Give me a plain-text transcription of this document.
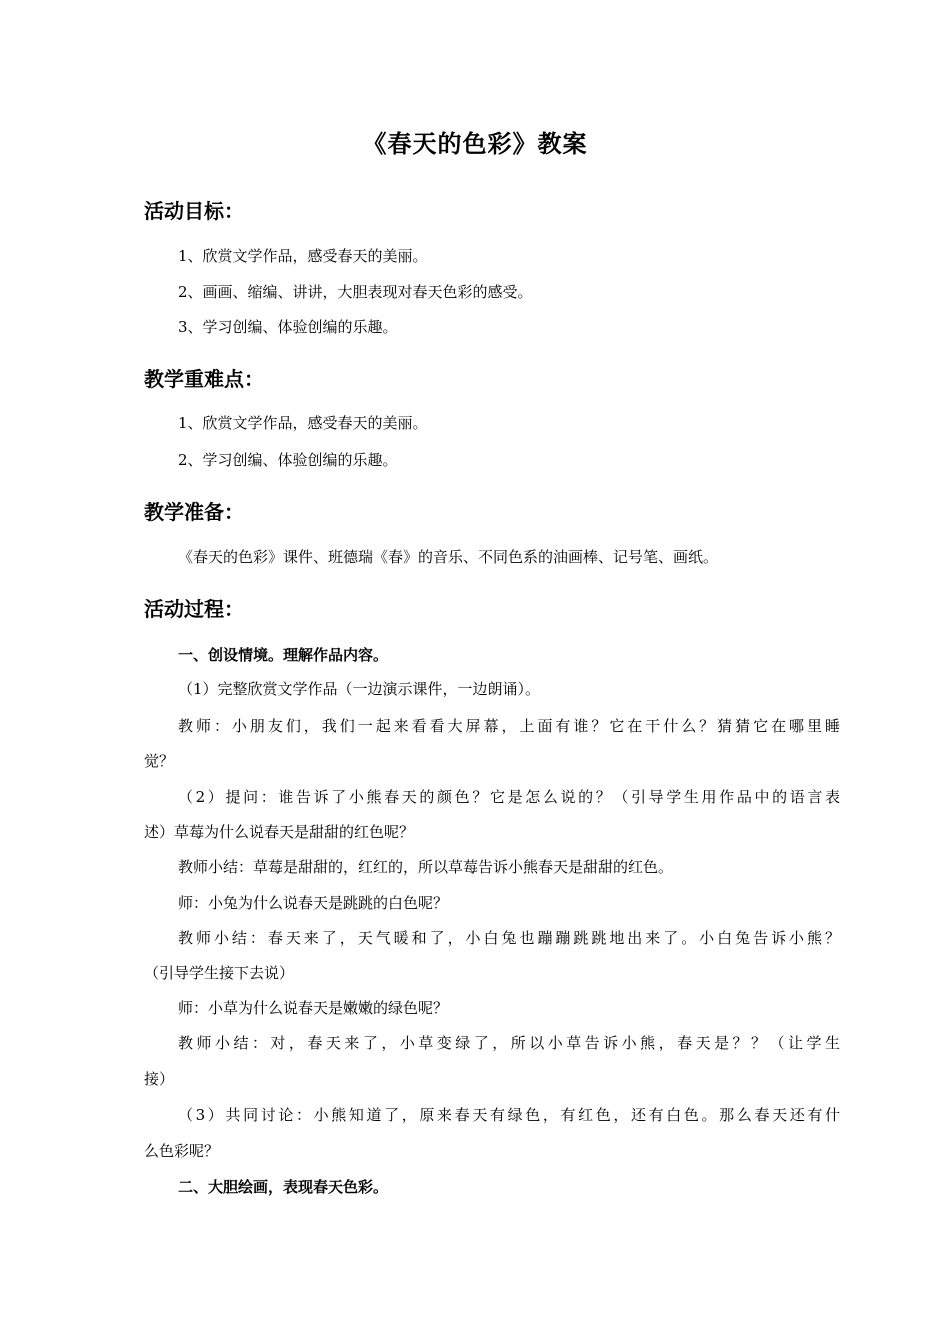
《春天的色彩》教案
活动目标：
1、欣赏文学作品，感受春天的美丽。
2、画画、缩编、讲讲，大胆表现对春天色彩的感受。
3、学习创编、体验创编的乐趣。
教学重难点：
1、欣赏文学作品，感受春天的美丽。
2、学习创编、体验创编的乐趣。
教学准备：
《春天的色彩》课件、班德瑞《春》的音乐、不同色系的油画棒、记号笔、画纸。
活动过程：
一、创设情境。理解作品内容。
（1）完整欣赏文学作品（一边演示课件，一边朗诵）。
教师：小朋友们，我们一起来看看大屏幕，上面有谁？它在干什么？猜猜它在哪里睡
觉？
（2）提问：谁告诉了小熊春天的颜色？它是怎么说的？（引导学生用作品中的语言表
述）草莓为什么说春天是甜甜的红色呢？
教师小结：草莓是甜甜的，红红的，所以草莓告诉小熊春天是甜甜的红色。
师：小兔为什么说春天是跳跳的白色呢？
教师小结：春天来了，天气暖和了，小白兔也蹦蹦跳跳地出来了。小白兔告诉小熊？
（引导学生接下去说）
师：小草为什么说春天是嫩嫩的绿色呢？
教师小结：对，春天来了，小草变绿了，所以小草告诉小熊，春天是？？（让学生
接）
（3）共同讨论：小熊知道了，原来春天有绿色，有红色，还有白色。那么春天还有什
么色彩呢？
二、大胆绘画，表现春天色彩。
